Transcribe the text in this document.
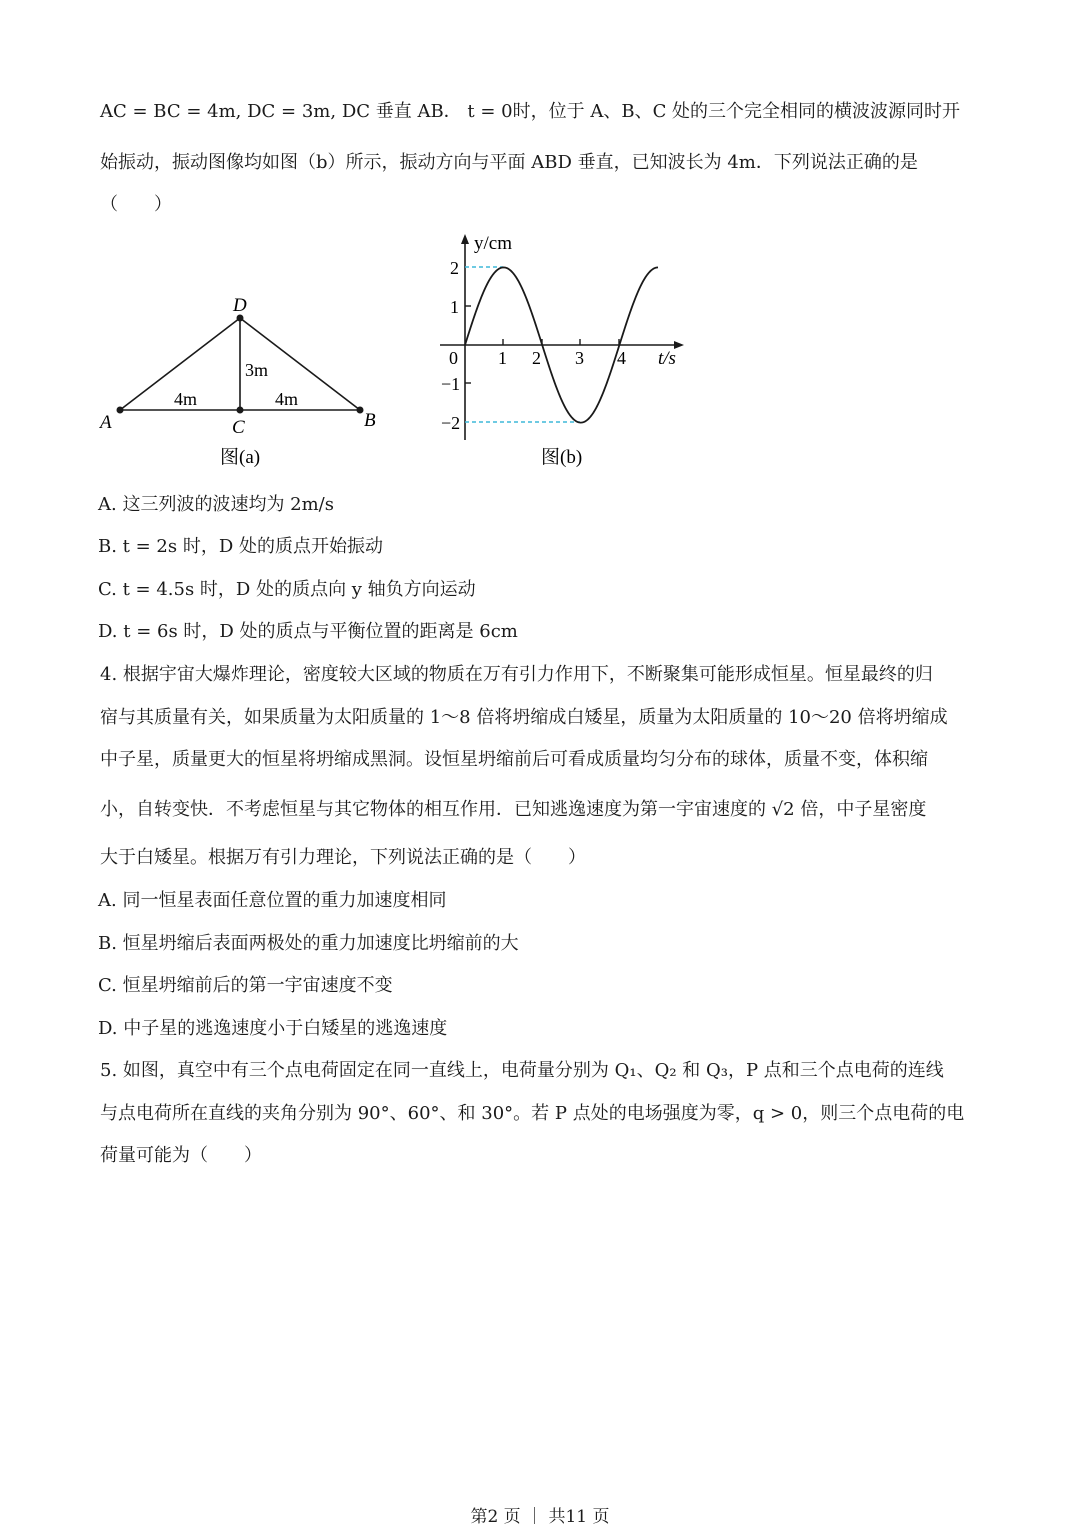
AC = BC = 4m, DC = 3m, DC 垂直 AB． t = 0时，位于 A、B、C 处的三个完全相同的横波波源同时开
始振动，振动图像均如图（b）所示，振动方向与平面 ABD 垂直，已知波长为 4m．下列说法正确的是
（　　）
D
A	B
C
4m	4m
3m
图(a)
y/cm
t/s
2
1
0
−1
−2
1 2 3 4
图(b)
A. 这三列波的波速均为 2m/s
B. t = 2s 时，D 处的质点开始振动
C. t = 4.5s 时，D 处的质点向 y 轴负方向运动
D. t = 6s 时，D 处的质点与平衡位置的距离是 6cm
4. 根据宇宙大爆炸理论，密度较大区域的物质在万有引力作用下，不断聚集可能形成恒星。恒星最终的归
宿与其质量有关，如果质量为太阳质量的 1～8 倍将坍缩成白矮星，质量为太阳质量的 10～20 倍将坍缩成
中子星，质量更大的恒星将坍缩成黑洞。设恒星坍缩前后可看成质量均匀分布的球体，质量不变，体积缩
小，自转变快．不考虑恒星与其它物体的相互作用．已知逃逸速度为第一宇宙速度的 √2 倍，中子星密度
大于白矮星。根据万有引力理论，下列说法正确的是（　　）
A. 同一恒星表面任意位置的重力加速度相同
B. 恒星坍缩后表面两极处的重力加速度比坍缩前的大
C. 恒星坍缩前后的第一宇宙速度不变
D. 中子星的逃逸速度小于白矮星的逃逸速度
5. 如图，真空中有三个点电荷固定在同一直线上，电荷量分别为 Q₁、Q₂ 和 Q₃，P 点和三个点电荷的连线
与点电荷所在直线的夹角分别为 90°、60°、和 30°。若 P 点处的电场强度为零，q > 0，则三个点电荷的电
荷量可能为（　　）
第2 页 ｜ 共11 页
